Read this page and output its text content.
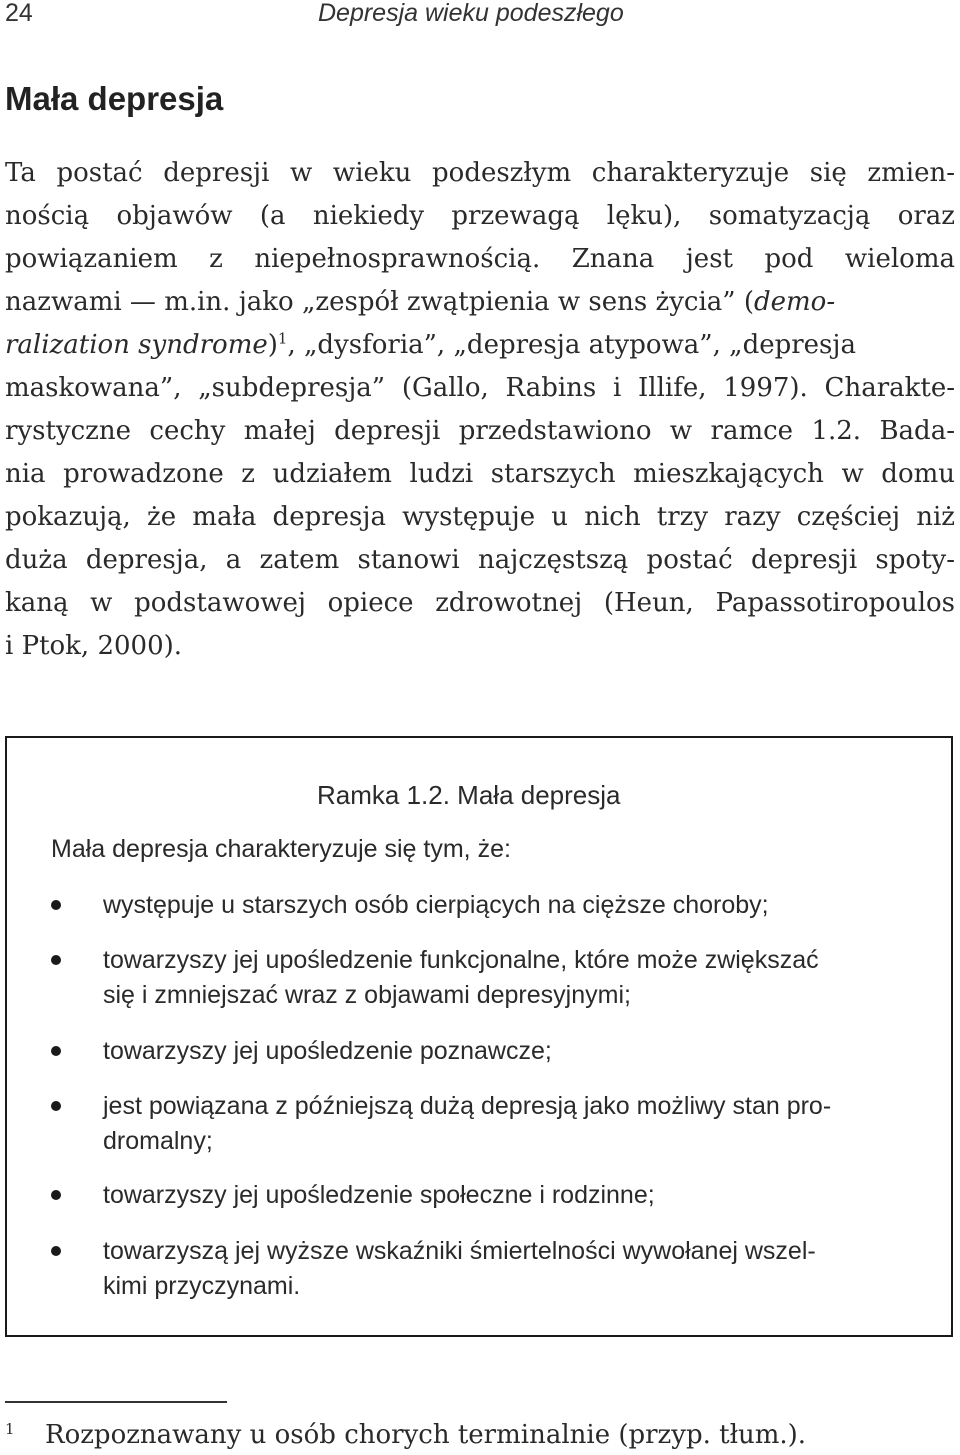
24	Depresja wieku podeszłego
Mała depresja
Ta postać depresji w wieku podeszłym charakteryzuje się zmien-
nością objawów (a niekiedy przewagą lęku), somatyzacją oraz
powiązaniem z niepełnosprawnością. Znana jest pod wieloma
nazwami — m.in. jako „zespół zwątpienia w sens życia” (demo-
ralization syndrome)$^1$, „dysforia”, „depresja atypowa”, „depresja
maskowana”, „subdepresja” (Gallo, Rabins i Illife, 1997). Charakte-
rystyczne cechy małej depresji przedstawiono w ramce 1.2. Bada-
nia prowadzone z udziałem ludzi starszych mieszkających w domu
pokazują, że mała depresja występuje u nich trzy razy częściej niż
duża depresja, a zatem stanowi najczęstszą postać depresji spoty-
kaną w podstawowej opiece zdrowotnej (Heun, Papassotiropoulos
i Ptok, 2000).
Ramka 1.2. Mała depresja
Mała depresja charakteryzuje się tym, że:
występuje u starszych osób cierpiących na cięższe choroby;
towarzyszy jej upośledzenie funkcjonalne, które może zwiększać
się i zmniejszać wraz z objawami depresyjnymi;
towarzyszy jej upośledzenie poznawcze;
jest powiązana z późniejszą dużą depresją jako możliwy stan pro-
dromalny;
towarzyszy jej upośledzenie społeczne i rodzinne;
towarzyszą jej wyższe wskaźniki śmiertelności wywołanej wszel-
kimi przyczynami.
1 Rozpoznawany u osób chorych terminalnie (przyp. tłum.).
